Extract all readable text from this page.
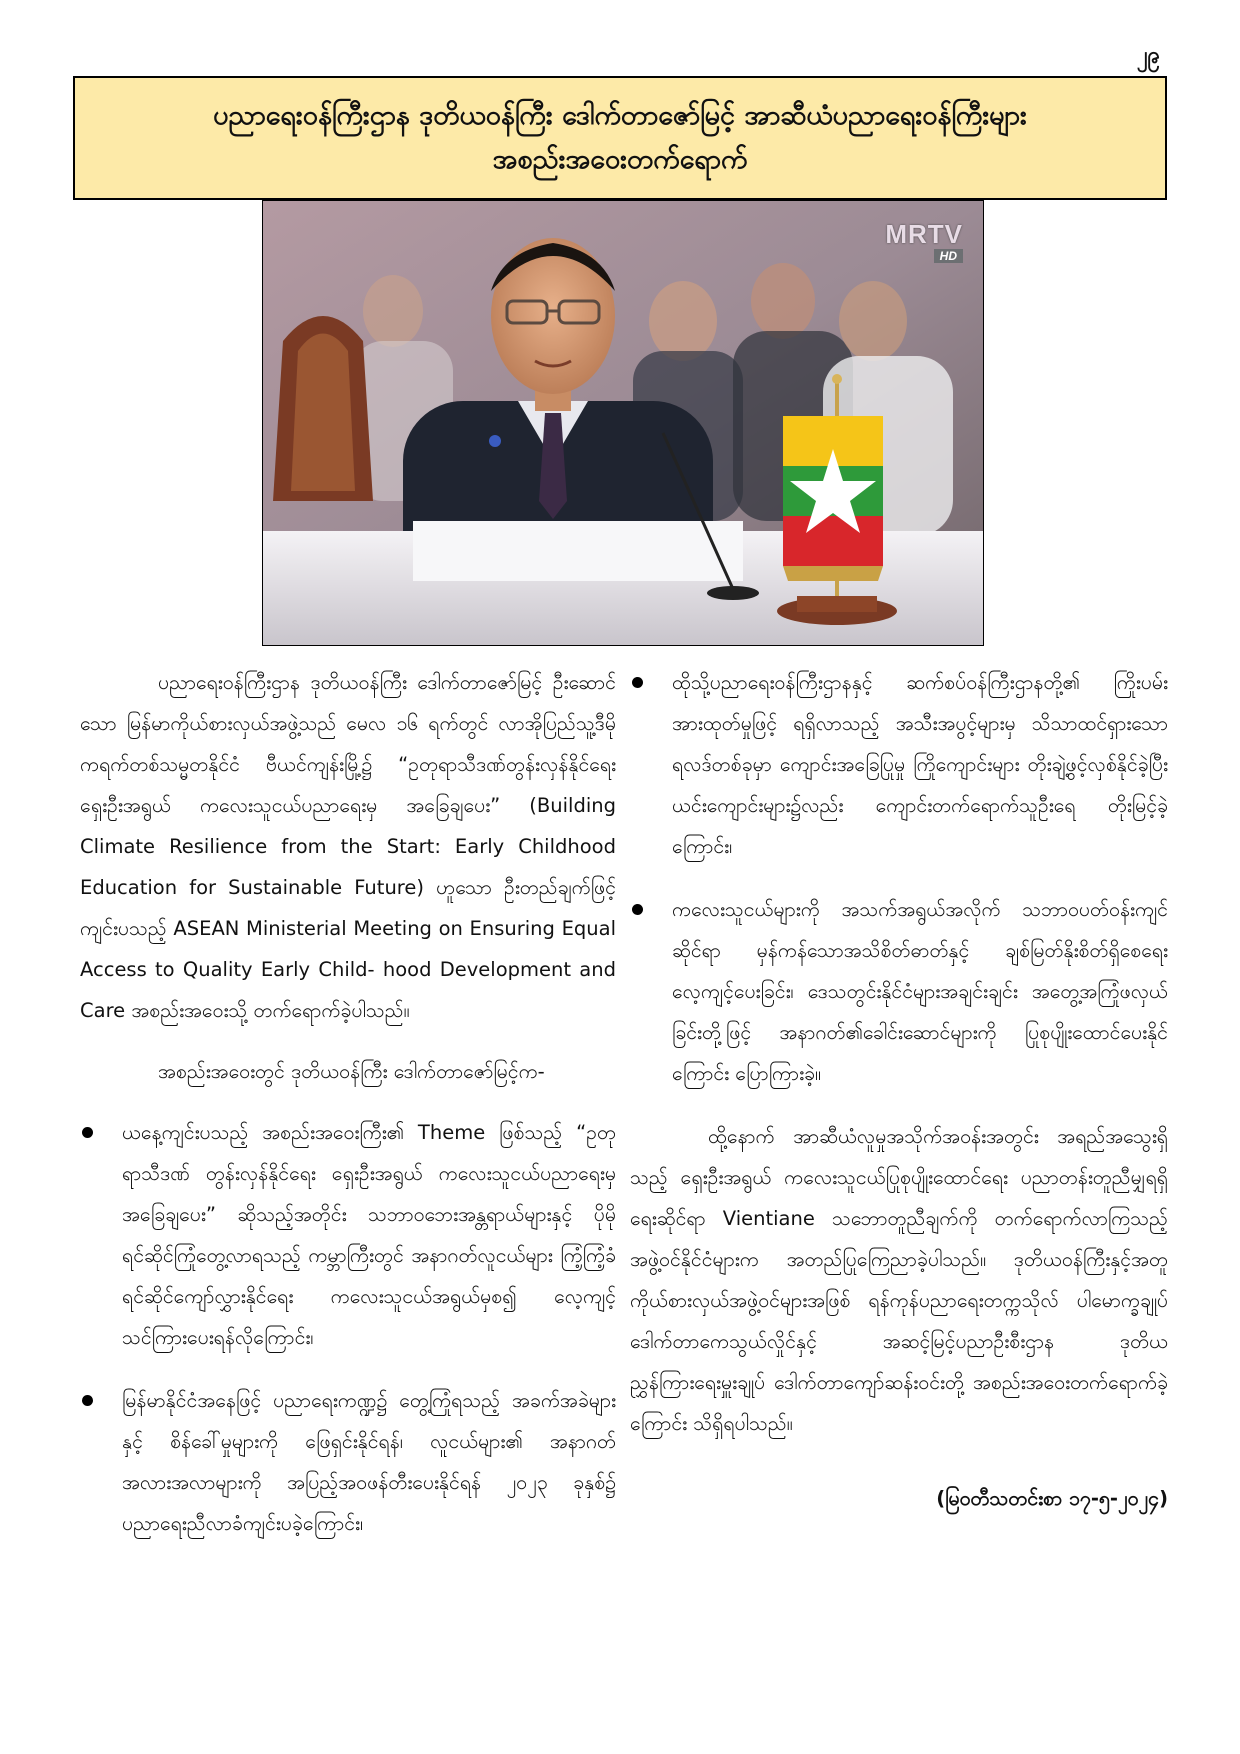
၂၉
ပညာရေးဝန်ကြီးဌာန ဒုတိယဝန်ကြီး ဒေါက်တာဇော်မြင့် အာဆီယံပညာရေးဝန်ကြီးများ
အစည်းအဝေးတက်ရောက်
MRTV
HD

ပညာရေးဝန်ကြီးဌာန ဒုတိယဝန်ကြီး ဒေါက်တာဇော်မြင့် ဦးဆောင်သော မြန်မာကိုယ်စားလှယ်အဖွဲ့သည် မေလ ၁၆ ရက်တွင် လာအိုပြည်သူ့ဒီမိုကရက်တစ်သမ္မတနိုင်ငံ ဗီယင်ကျန်းမြို့၌ “ဥတုရာသီဒဏ်တွန်းလှန်နိုင်ရေး ရှေးဦးအရွယ် ကလေးသူငယ်ပညာရေးမှ အခြေချပေး” (Building Climate Resilience from the Start: Early Childhood Education for Sustainable Future) ဟူသော ဦးတည်ချက်ဖြင့် ကျင်းပသည့် ASEAN Ministerial Meeting on Ensuring Equal Access to Quality Early Child- hood Development and Care အစည်းအဝေးသို့ တက်ရောက်ခဲ့ပါသည်။

အစည်းအဝေးတွင် ဒုတိယဝန်ကြီး ဒေါက်တာဇော်မြင့်က-

ယနေ့ကျင်းပသည့် အစည်းအဝေးကြီး၏ Theme ဖြစ်သည့် “ဥတုရာသီဒဏ် တွန်းလှန်နိုင်ရေး ရှေးဦးအရွယ် ကလေးသူငယ်ပညာရေးမှ အခြေချပေး” ဆိုသည့်အတိုင်း သဘာဝဘေးအန္တရာယ်များနှင့် ပိုမိုရင်ဆိုင်ကြုံတွေ့လာရသည့် ကမ္ဘာကြီးတွင် အနာဂတ်လူငယ်များ ကြံ့ကြံ့ခံရင်ဆိုင်ကျော်လွှားနိုင်ရေး ကလေးသူငယ်အရွယ်မှစ၍ လေ့ကျင့်သင်ကြားပေးရန်လိုကြောင်း၊
မြန်မာနိုင်ငံအနေဖြင့် ပညာရေးကဏ္ဍ၌ တွေ့ကြုံရသည့် အခက်အခဲများနှင့် စိန်ခေါ်မှုများကို ဖြေရှင်းနိုင်ရန်၊ လူငယ်များ၏ အနာဂတ်အလားအလာများကို အပြည့်အဝဖန်တီးပေးနိုင်ရန် ၂၀၂၃ ခုနှစ်၌ ပညာရေးညီလာခံကျင်းပခဲ့ကြောင်း၊
ထိုသို့ပညာရေးဝန်ကြီးဌာနနှင့် ဆက်စပ်ဝန်ကြီးဌာနတို့၏ ကြိုးပမ်းအားထုတ်မှုဖြင့် ရရှိလာသည့် အသီးအပွင့်များမှ သိသာထင်ရှားသော ရလဒ်တစ်ခုမှာ ကျောင်းအခြေပြုမှု ကြိုကျောင်းများ တိုးချဲ့ဖွင့်လှစ်နိုင်ခဲ့ပြီး ယင်းကျောင်းများ၌လည်း ကျောင်းတက်ရောက်သူဦးရေ တိုးမြင့်ခဲ့ကြောင်း၊
ကလေးသူငယ်များကို အသက်အရွယ်အလိုက် သဘာဝပတ်ဝန်းကျင်ဆိုင်ရာ မှန်ကန်သောအသိစိတ်ဓာတ်နှင့် ချစ်မြတ်နိုးစိတ်ရှိစေရေး လေ့ကျင့်ပေးခြင်း၊ ဒေသတွင်းနိုင်ငံများအချင်းချင်း အတွေ့အကြုံဖလှယ်ခြင်းတို့ဖြင့် အနာဂတ်၏ခေါင်းဆောင်များကို ပြုစုပျိုးထောင်ပေးနိုင်ကြောင်း ပြောကြားခဲ့။

ထို့နောက် အာဆီယံလူမှုအသိုက်အဝန်းအတွင်း အရည်အသွေးရှိသည့် ရှေးဦးအရွယ် ကလေးသူငယ်ပြုစုပျိုးထောင်ရေး ပညာတန်းတူညီမျှရရှိရေးဆိုင်ရာ Vientiane သဘောတူညီချက်ကို တက်ရောက်လာကြသည့် အဖွဲ့ဝင်နိုင်ငံများက အတည်ပြုကြေညာခဲ့ပါသည်။ ဒုတိယဝန်ကြီးနှင့်အတူ ကိုယ်စားလှယ်အဖွဲ့ဝင်များအဖြစ် ရန်ကုန်ပညာရေးတက္ကသိုလ် ပါမောက္ခချုပ် ဒေါက်တာကေသွယ်လှိုင်နှင့် အဆင့်မြင့်ပညာဦးစီးဌာန ဒုတိယညွှန်ကြားရေးမှူးချုပ် ဒေါက်တာကျော်ဆန်းဝင်းတို့ အစည်းအဝေးတက်ရောက်ခဲ့ကြောင်း သိရှိရပါသည်။

(မြဝတီသတင်းစာ ၁၇-၅-၂၀၂၄)
